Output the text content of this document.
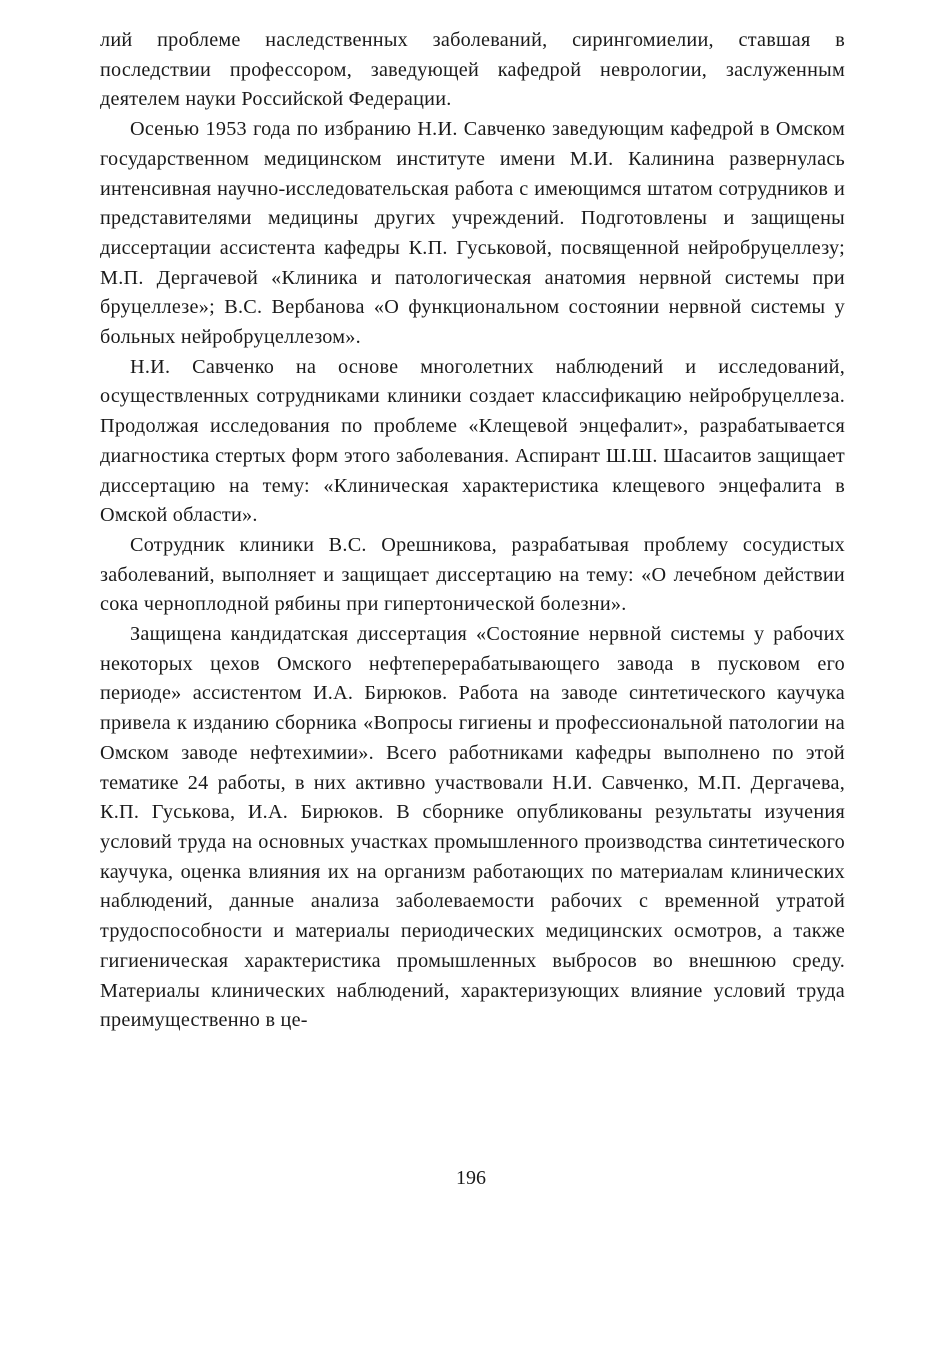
лий проблеме наследственных заболеваний, сирингомиелии, ставшая в последствии профессором, заведующей кафедрой неврологии, заслуженным деятелем науки Российской Федерации.

Осенью 1953 года по избранию Н.И. Савченко заведующим кафедрой в Омском государственном медицинском институте имени М.И. Калинина развернулась интенсивная научно-исследовательская работа с имеющимся штатом сотрудников и представителями медицины других учреждений. Подготовлены и защищены диссертации ассистента кафедры К.П. Гуськовой, посвященной нейробруцеллезу; М.П. Дергачевой «Клиника и патологическая анатомия нервной системы при бруцеллезе»; В.С. Вербанова «О функциональном состоянии нервной системы у больных нейробруцеллезом».

Н.И. Савченко на основе многолетних наблюдений и исследований, осуществленных сотрудниками клиники создает классификацию нейробруцеллеза. Продолжая исследования по проблеме «Клещевой энцефалит», разрабатывается диагностика стертых форм этого заболевания. Аспирант Ш.Ш. Шасаитов защищает диссертацию на тему: «Клиническая характеристика клещевого энцефалита в Омской области».

Сотрудник клиники В.С. Орешникова, разрабатывая проблему сосудистых заболеваний, выполняет и защищает диссертацию на тему: «О лечебном действии сока черноплодной рябины при гипертонической болезни».

Защищена кандидатская диссертация «Состояние нервной системы у рабочих некоторых цехов Омского нефтеперерабатывающего завода в пусковом его периоде» ассистентом И.А. Бирюков. Работа на заводе синтетического каучука привела к изданию сборника «Вопросы гигиены и профессиональной патологии на Омском заводе нефтехимии». Всего работниками кафедры выполнено по этой тематике 24 работы, в них активно участвовали Н.И. Савченко, М.П. Дергачева, К.П. Гуськова, И.А. Бирюков. В сборнике опубликованы результаты изучения условий труда на основных участках промышленного производства синтетического каучука, оценка влияния их на организм работающих по материалам клинических наблюдений, данные анализа заболеваемости рабочих с временной утратой трудоспособности и материалы периодических медицинских осмотров, а также гигиеническая характеристика промышленных выбросов во внешнюю среду. Материалы клинических наблюдений, характеризующих влияние условий труда преимущественно в це-

196
